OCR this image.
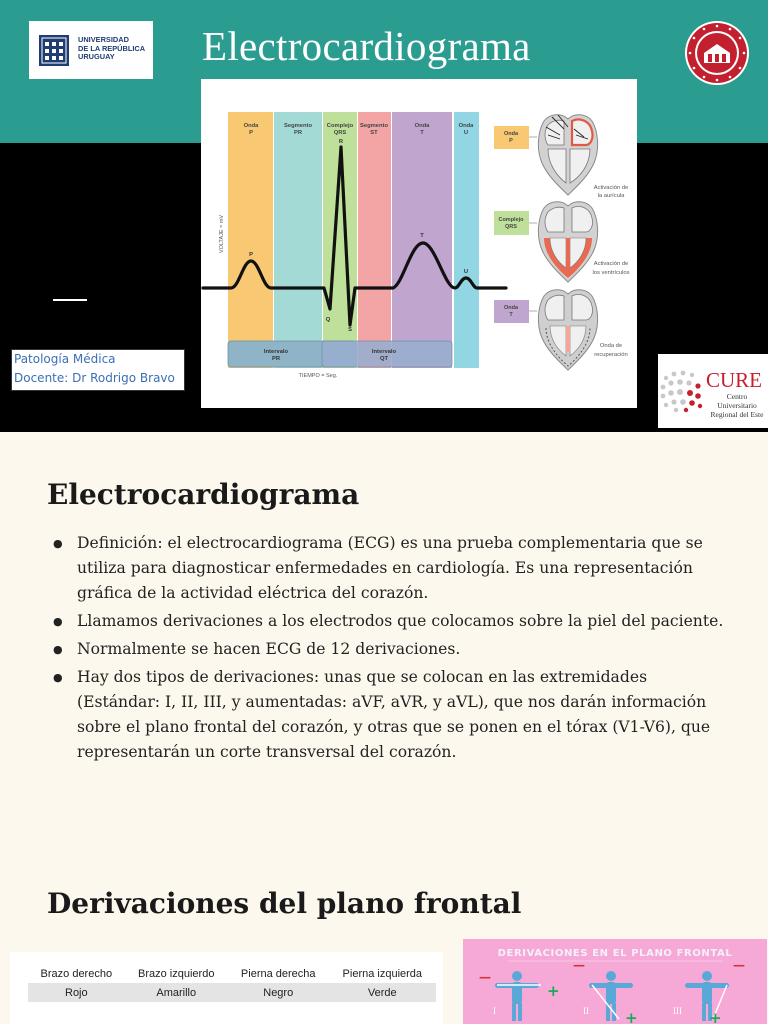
UNIVERSIDAD
DE LA REPÚBLICA
URUGUAY	Electrocardiograma
Onda
P
Segmento
PR
Complejo
QRS
Segmento
ST
Onda
T
Onda
U
VOLTAJE = mV
R
P
T
U
Q
S
Intervalo
PR
Intervalo
QT
TIEMPO = Seg.
Onda
P
Complejo
QRS
Onda
T
Activación de
la aurícula
Activación de
los ventrículos
Onda de
recuperación
Patología Médica
Docente: Dr Rodrigo Bravo	CURE
Centro Universitario
Regional del Este
Electrocardiograma
● Definición: el electrocardiograma (ECG) es una prueba complementaria que se utiliza para diagnosticar enfermedades en cardiología. Es una representación gráfica de la actividad eléctrica del corazón.
● Llamamos derivaciones a los electrodos que colocamos sobre la piel del paciente.
● Normalmente se hacen ECG de 12 derivaciones.
● Hay dos tipos de derivaciones: unas que se colocan en las extremidades (Estándar: I, II, III, y aumentadas: aVF, aVR, y aVL), que nos darán información sobre el plano frontal del corazón, y otras que se ponen en el tórax (V1-V6), que representarán un corte transversal del corazón.
Derivaciones del plano frontal
Brazo derecho	Brazo izquierdo	Pierna derecha	Pierna izquierda
Rojo	Amarillo	Negro	Verde
DERIVACIONES EN EL PLANO FRONTAL
—
+
—
+
—
+
I	II	III
